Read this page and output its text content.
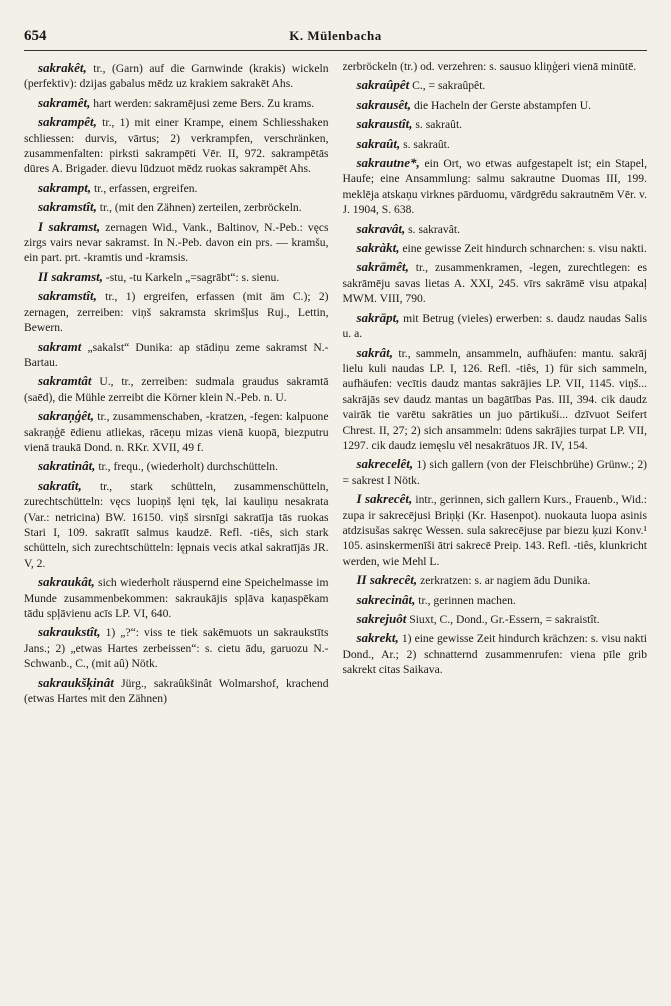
654	K. Mülenbacha

sakrakêt, tr., (Garn) auf die Garnwinde (krakis) wickeln (perfektiv): dzijas gabalus mēdz uz krakiem sakrakēt Ahs.

sakramêt, hart werden: sakramējusi zeme Bers. Zu krams.

sakrampêt, tr., 1) mit einer Krampe, einem Schliesshaken schliessen: durvis, vārtus; 2) verkrampfen, verschränken, zusammenfalten: pirksti sakrampēti Vēr. II, 972. sakrampētās dūres A. Brigader. dievu lūdzuot mēdz ruokas sakrampēt Ahs.

sakrampt, tr., erfassen, ergreifen.

sakramstît, tr., (mit den Zähnen) zerteilen, zerbröckeln.

I sakramst, zernagen Wid., Vank., Baltinov, N.-Peb.: vęcs zirgs vairs nevar sakramst. In N.-Peb. davon ein prs. — kramšu, ein part. prt. -kramtis und -kramsis.

II sakramst, -stu, -tu Karkeln „=sagrābt“: s. sienu.

sakramstît, tr., 1) ergreifen, erfassen (mit äm C.); 2) zernagen, zerreiben: viņš sakramsta skrimšļus Ruj., Lettin, Bewern.

sakramt „sakalst“ Dunika: ap stādiņu zeme sakramst N.-Bartau.

sakramtât U., tr., zerreiben: sudmala graudus sakramtā (saēd), die Mühle zerreibt die Körner klein N.-Peb. n. U.

sakraņģêt, tr., zusammenschaben, -kratzen, -fegen: kalpuone sakraņģē ēdienu atliekas, rāceņu mizas vienā kuopā, biezputru vienā traukā Dond. n. RKr. XVII, 49 f.

sakratinât, tr., frequ., (wiederholt) durchschütteln.

sakratît, tr., stark schütteln, zusammenschütteln, zurechtschütteln: vęcs luopiņš lęni tęk, lai kauliņu nesakrata (Var.: netricina) BW. 16150. viņš sirsnīgi sakratīja tās ruokas Stari I, 109. sakratīt salmus kaudzē. Refl. -tiês, sich stark schütteln, sich zurechtschütteln: lępnais vecis atkal sakratījās JR. V, 2.

sakraukât, sich wiederholt räuspernd eine Speichelmasse im Munde zusammenbekommen: sakraukājis spļāva kaņaspēkam tādu spļāvienu acīs LP. VI, 640.

sakraukstît, 1) „?“: viss te tiek sakēmuots un sakraukstīts Jans.; 2) „etwas Hartes zerbeissen“: s. cietu ādu, garuozu N.-Schwanb., C., (mit aû) Nötk.

sakraukšķinât Jürg., sakraûkšinât Wolmarshof, krachend (etwas Hartes mit den Zähnen)

zerbröckeln (tr.) od. verzehren: s. sausuo kliņģeri vienā minūtē.

sakraûpêt C., = sakraûpêt.

sakrausêt, die Hacheln der Gerste abstampfen U.

sakraustît, s. sakraût.

sakraût, s. sakraût.

sakrautne*, ein Ort, wo etwas aufgestapelt ist; ein Stapel, Haufe; eine Ansammlung: salmu sakrautne Duomas III, 199. meklēja atskaņu virknes pārduomu, vārdgrēdu sakrautnēm Vēr. v. J. 1904, S. 638.

sakravât, s. sakravât.

sakràkt, eine gewisse Zeit hindurch schnarchen: s. visu nakti.

sakrāmêt, tr., zusammenkramen, -legen, zurechtlegen: es sakrāmēju savas lietas A. XXI, 245. vīrs sakrāmē visu atpakaļ MWM. VIII, 790.

sakrāpt, mit Betrug (vieles) erwerben: s. daudz naudas Salis u. a.

sakrât, tr., sammeln, ansammeln, aufhäufen: mantu. sakrāj lielu kuli naudas LP. I, 126. Refl. -tiês, 1) für sich sammeln, aufhäufen: vecītis daudz mantas sakrājies LP. VII, 1145. viņš... sakrājās sev daudz mantas un bagātības Pas. III, 394. cik daudz vairāk tie varētu sakrāties un juo pārtikuši... dzīvuot Seifert Chrest. II, 27; 2) sich ansammeln: ūdens sakrājies turpat LP. VII, 1297. cik daudz iemęslu vēl nesakrātuos JR. IV, 154.

sakrecelêt, 1) sich gallern (von der Fleischbrühe) Grünw.; 2) = sakrest I Nötk.

I sakrecêt, intr., gerinnen, sich gallern Kurs., Frauenb., Wid.: zupa ir sakrecējusi Briņķi (Kr. Hasenpot). nuokauta luopa asinis atdzisušas sakręc Wessen. sula sakrecējuse par biezu ķuzi Konv.¹ 105. asinskermenīši ātri sakrecē Preip. 143. Refl. -tiês, klunkricht werden, wie Mehl L.

II sakrecêt, zerkratzen: s. ar nagiem ādu Dunika.

sakrecinât, tr., gerinnen machen.

sakrejuôt Siuxt, C., Dond., Gr.-Essern, = sakraistît.

sakrekt, 1) eine gewisse Zeit hindurch krächzen: s. visu nakti Dond., Ar.; 2) schnatternd zusammenrufen: viena pīle grib sakrekt citas Saikava.
